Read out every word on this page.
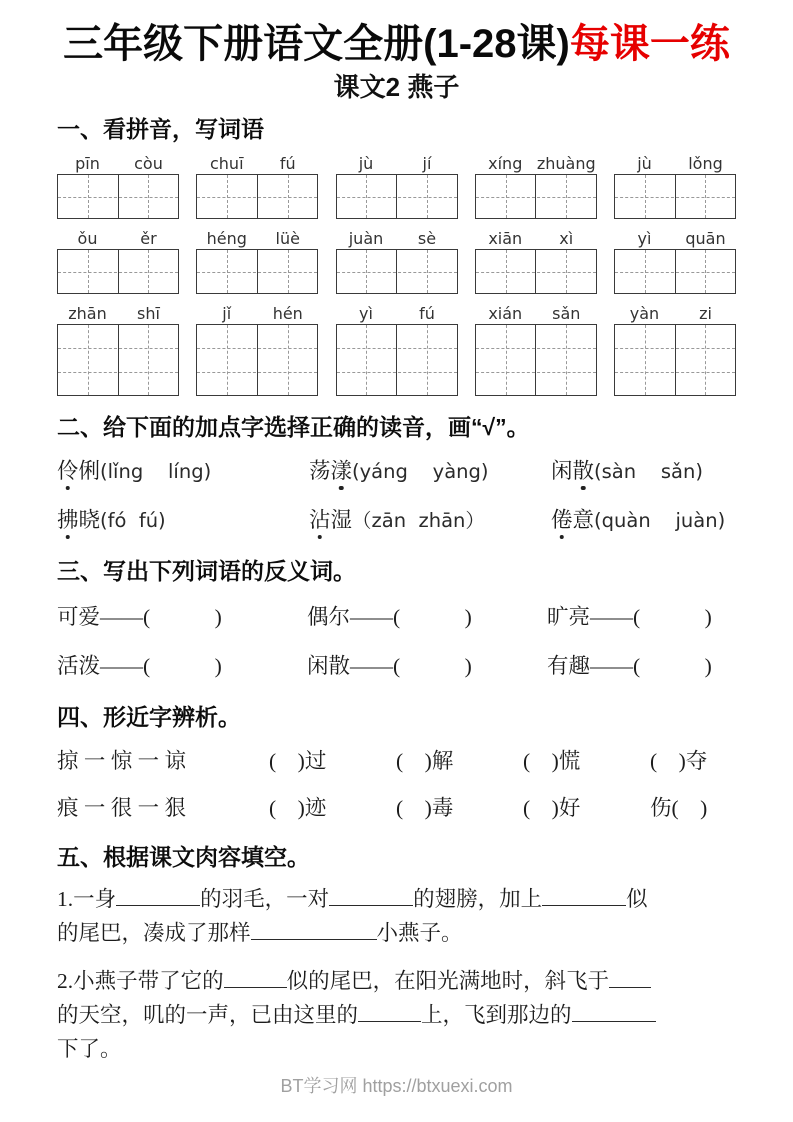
三年级下册语文全册(1-28课)每课一练
课文2 燕子
一、看拼音，写词语
pīn	còu	chuī	fú	jù	jí	xíng zhuàng	jù	lǒng
ǒu	ěr	héng	lüè	juàn	sè	xiān	xì	yì	quān
zhān	shī	jǐ	hén	yì	fú	xián	sǎn	yàn	zi
二、给下面的加点字选择正确的读音，画“√”。
伶俐(lǐng    líng)	荡漾(yáng    yàng)	闲散(sàn    sǎn)
拂晓(fó  fú)	沾湿（zān  zhān）	倦意(quàn    juàn)
三、写出下列词语的反义词。
可爱——(　　　)	偶尔——(　　　)	旷亮——(　　　)
活泼——(　　　)	闲散——(　　　)	有趣——(　　　)
四、形近字辨析。
掠 一 惊 一 谅	(　)过	(　)解	(　)慌	(　)夺
痕 一 很 一 狠	(　)迹	(　)毒	(　)好	伤(　)
五、根据课文肉容填空。
1.一身	的羽毛，一对	的翅膀，加上	似
的尾巴，凑成了那样	小燕子。
2.小燕子带了它的	似的尾巴，在阳光满地时，斜飞于
的天空，叽的一声，已由这里的	上，飞到那边的
下了。
BT学习网 https://btxuexi.com
